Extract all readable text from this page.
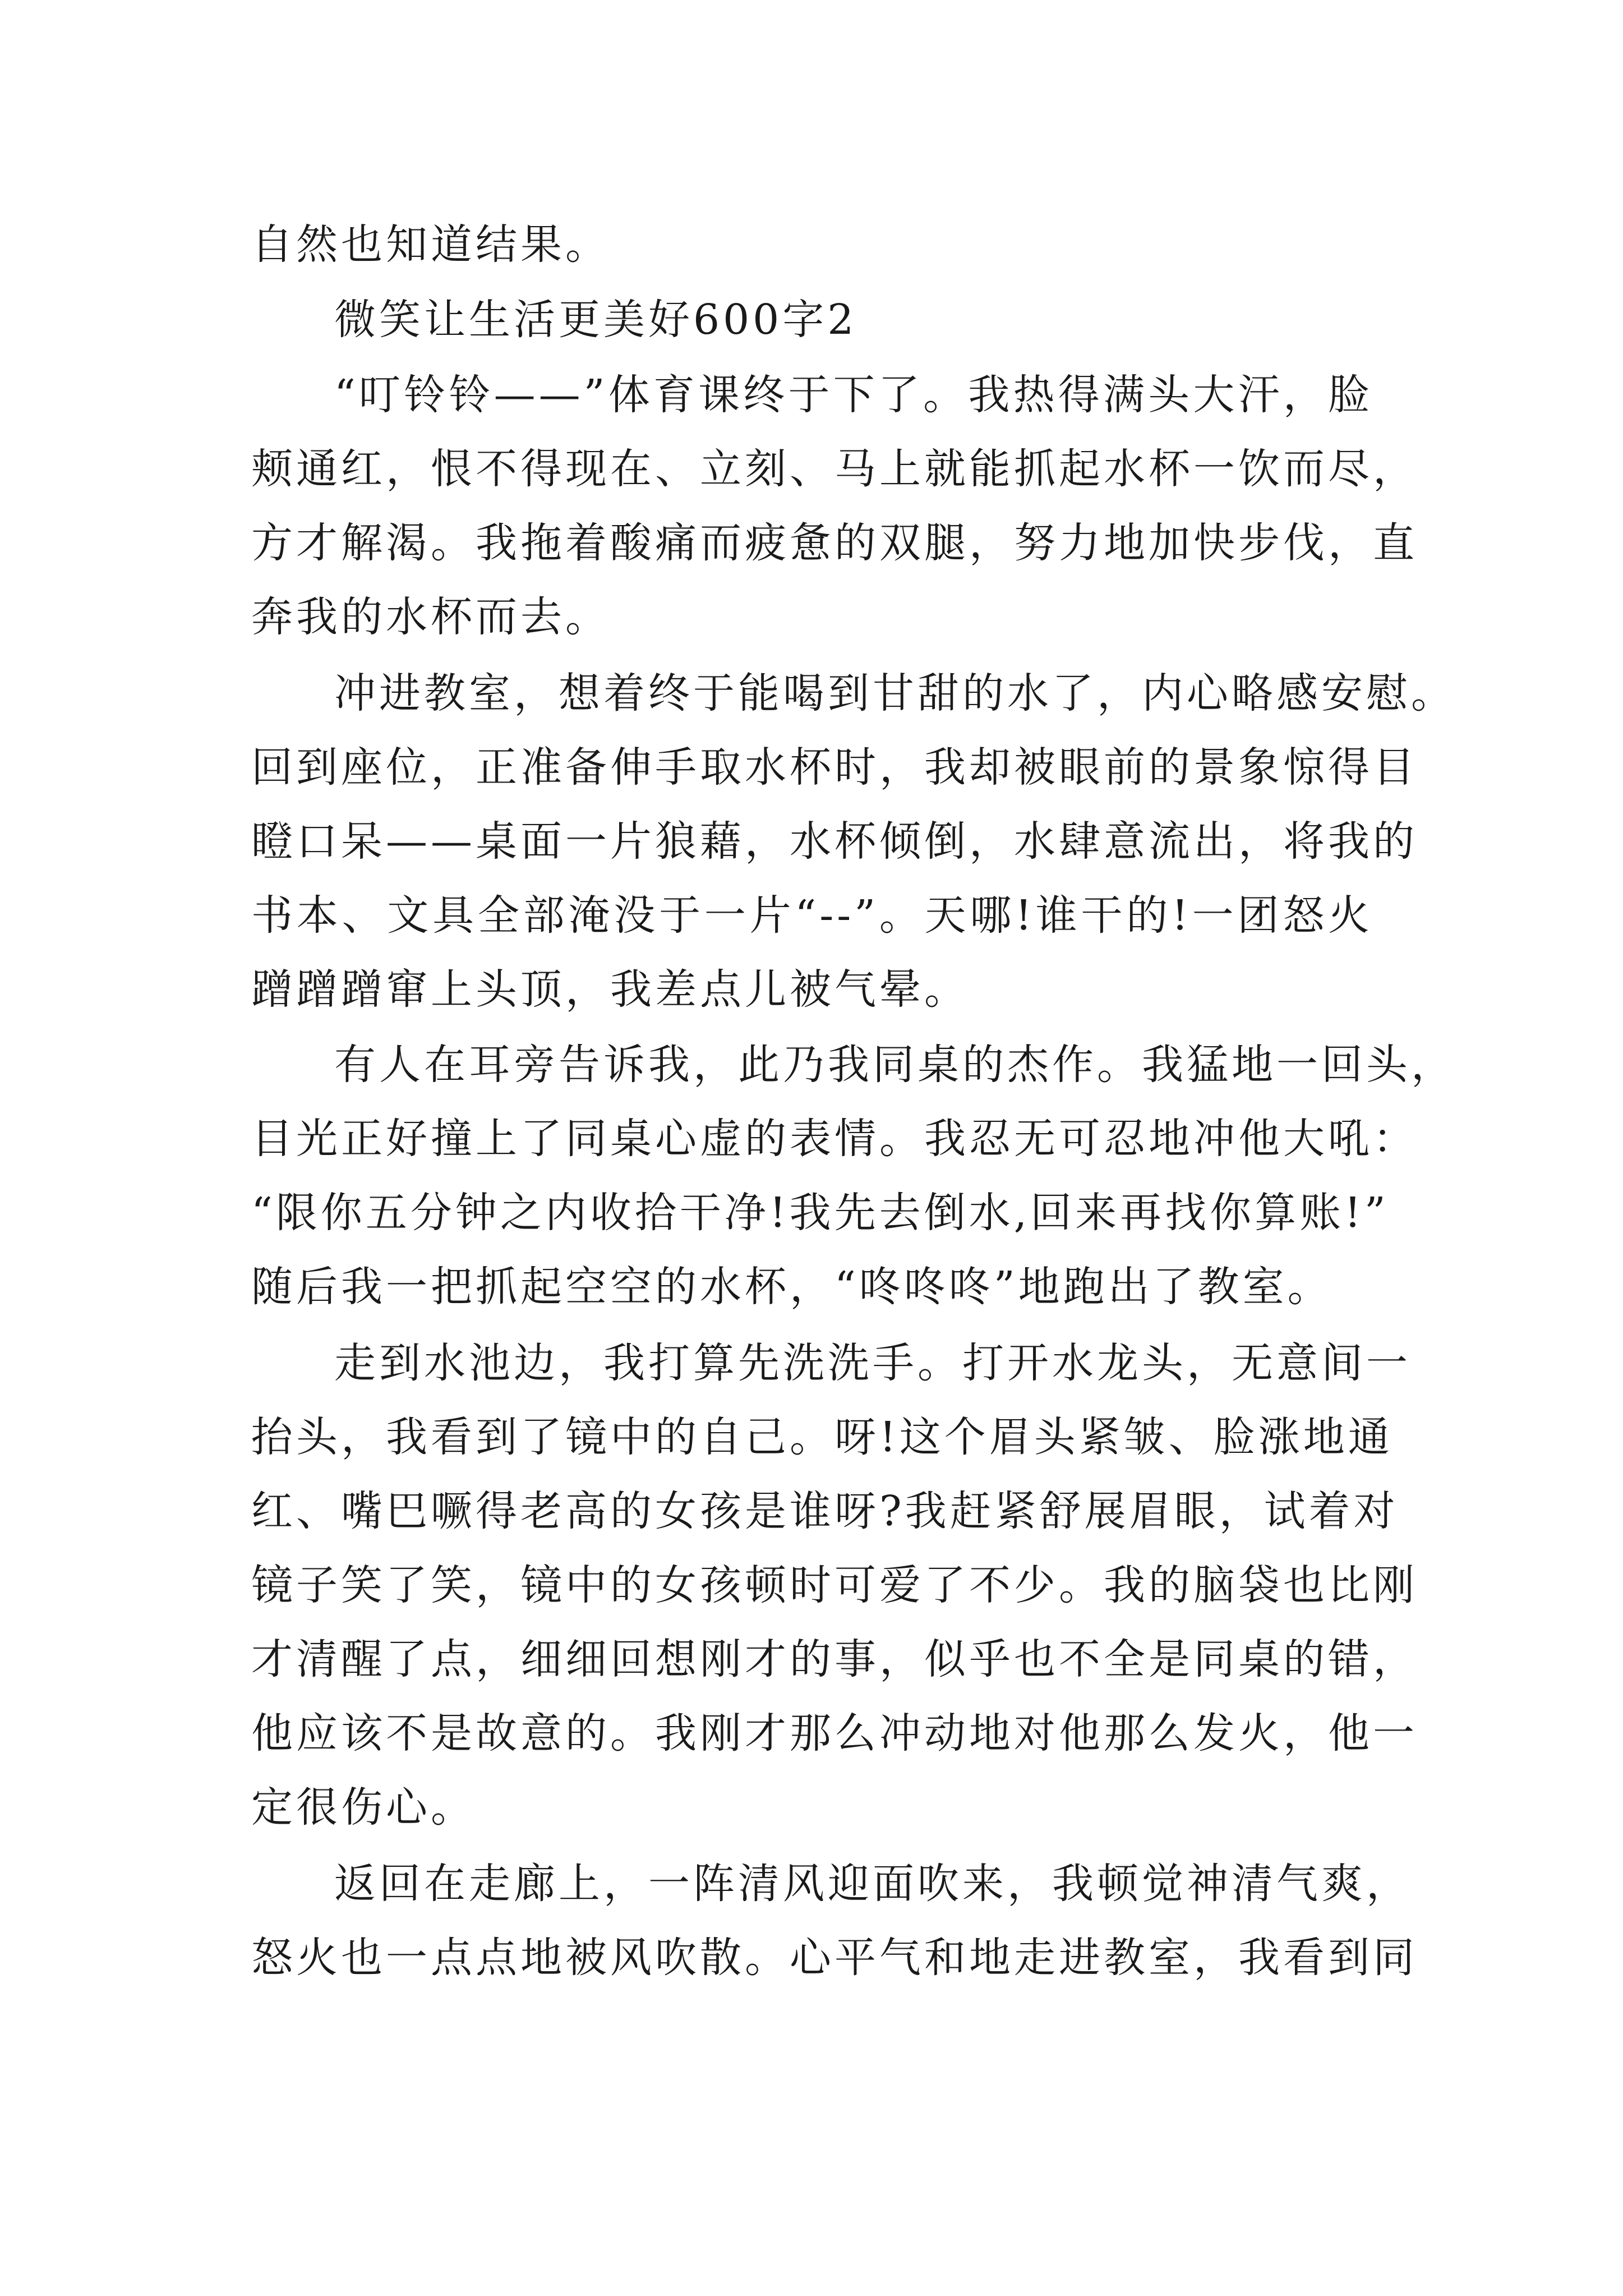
自然也知道结果。
微笑让生活更美好600字2
“叮铃铃——”体育课终于下了。我热得满头大汗，脸
颊通红，恨不得现在、立刻、马上就能抓起水杯一饮而尽，
方才解渴。我拖着酸痛而疲惫的双腿，努力地加快步伐，直
奔我的水杯而去。
冲进教室，想着终于能喝到甘甜的水了，内心略感安慰。
回到座位，正准备伸手取水杯时，我却被眼前的景象惊得目
瞪口呆——桌面一片狼藉，水杯倾倒，水肆意流出，将我的
书本、文具全部淹没于一片“--”。天哪!谁干的!一团怒火
蹭蹭蹭窜上头顶，我差点儿被气晕。
有人在耳旁告诉我，此乃我同桌的杰作。我猛地一回头，
目光正好撞上了同桌心虚的表情。我忍无可忍地冲他大吼：
“限你五分钟之内收拾干净!我先去倒水,回来再找你算账!”
随后我一把抓起空空的水杯，“咚咚咚”地跑出了教室。
走到水池边，我打算先洗洗手。打开水龙头，无意间一
抬头，我看到了镜中的自己。呀!这个眉头紧皱、脸涨地通
红、嘴巴噘得老高的女孩是谁呀?我赶紧舒展眉眼，试着对
镜子笑了笑，镜中的女孩顿时可爱了不少。我的脑袋也比刚
才清醒了点，细细回想刚才的事，似乎也不全是同桌的错，
他应该不是故意的。我刚才那么冲动地对他那么发火，他一
定很伤心。
返回在走廊上，一阵清风迎面吹来，我顿觉神清气爽，
怒火也一点点地被风吹散。心平气和地走进教室，我看到同
